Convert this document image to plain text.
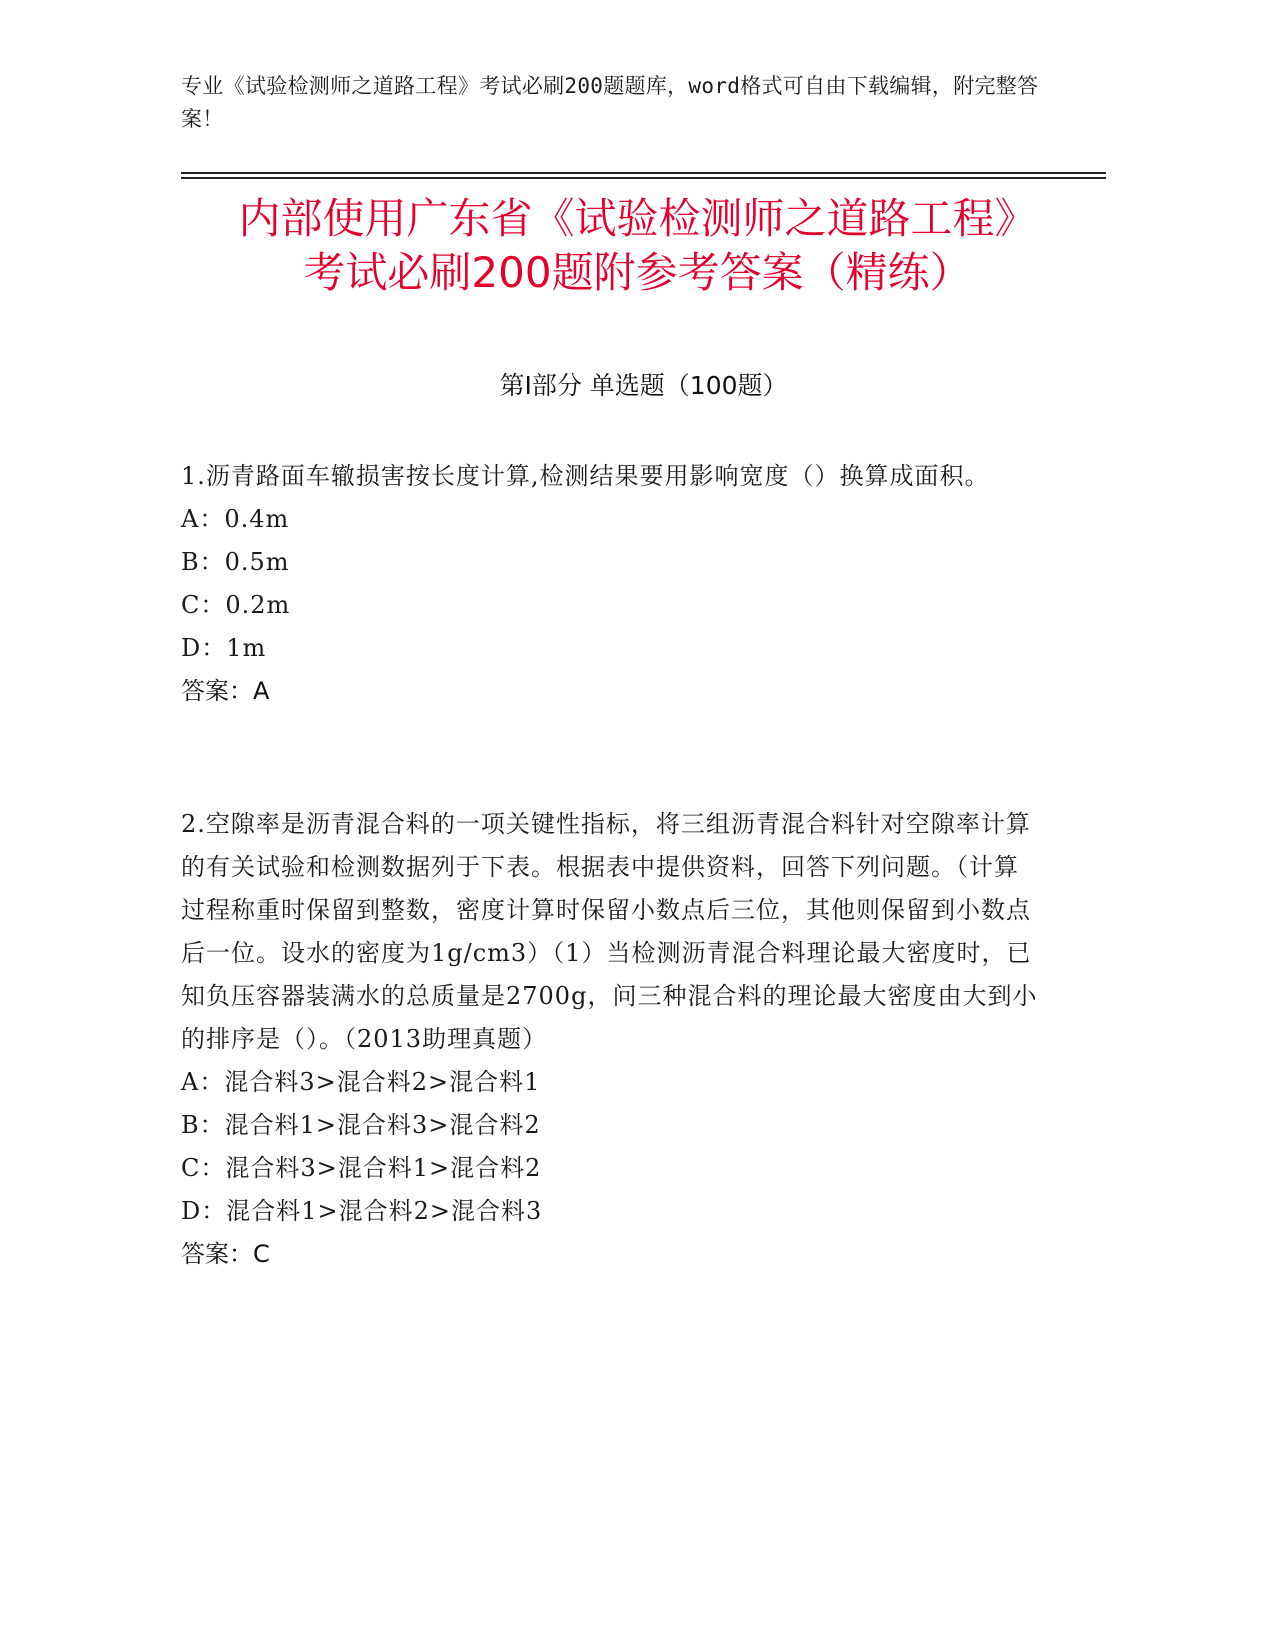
专业《试验检测师之道路工程》考试必刷200题题库，word格式可自由下载编辑，附完整答案！
内部使用广东省《试验检测师之道路工程》
考试必刷200题附参考答案（精练）
第I部分 单选题（100题）

1.沥青路面车辙损害按长度计算,检测结果要用影响宽度（）换算成面积。

A：0.4m

B：0.5m

C：0.2m

D：1m

答案：A

2.空隙率是沥青混合料的一项关键性指标，将三组沥青混合料针对空隙率计算的有关试验和检测数据列于下表。根据表中提供资料，回答下列问题。（计算过程称重时保留到整数，密度计算时保留小数点后三位，其他则保留到小数点后一位。设水的密度为1g/cm3）（1）当检测沥青混合料理论最大密度时，已知负压容器装满水的总质量是2700g，问三种混合料的理论最大密度由大到小的排序是（）。（2013助理真题）

A：混合料3>混合料2>混合料1

B：混合料1>混合料3>混合料2

C：混合料3>混合料1>混合料2

D：混合料1>混合料2>混合料3

答案：C
